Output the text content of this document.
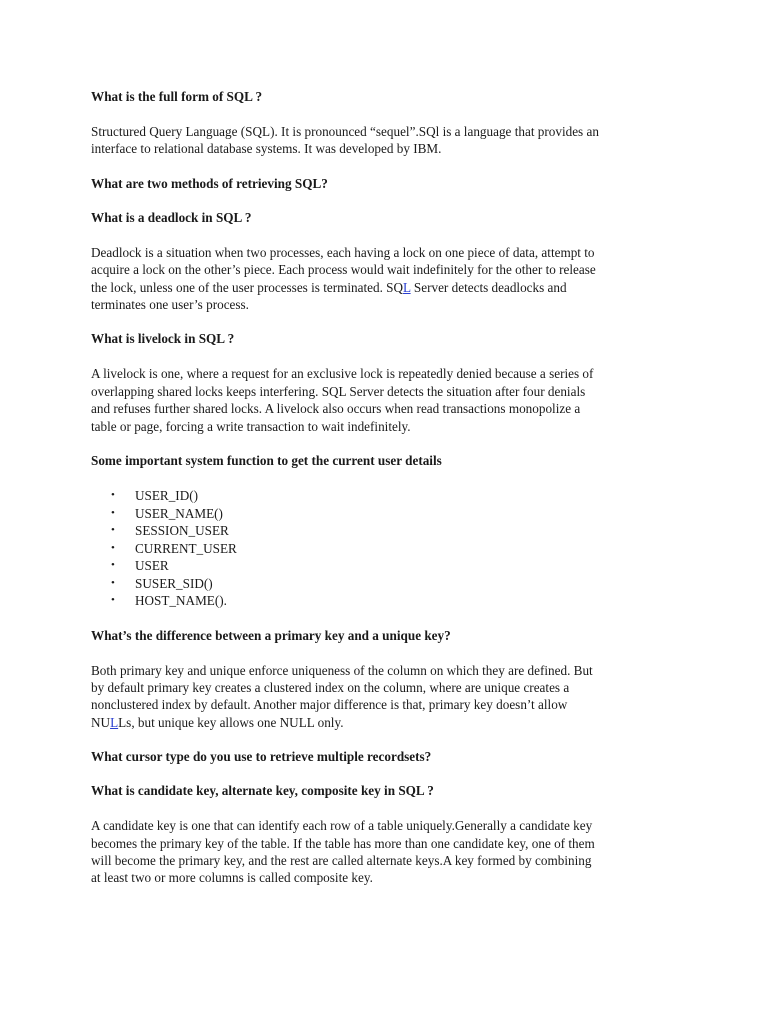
What is the full form of SQL ?

Structured Query Language (SQL). It is pronounced “sequel”.SQl is a language that provides an
interface to relational database systems. It was developed by IBM.

What are two methods of retrieving SQL?

What is a deadlock in SQL ?

Deadlock is a situation when two processes, each having a lock on one piece of data, attempt to
acquire a lock on the other’s piece. Each process would wait indefinitely for the other to release
the lock, unless one of the user processes is terminated. SQL Server detects deadlocks and
terminates one user’s process.

What is livelock in SQL ?

A livelock is one, where a request for an exclusive lock is repeatedly denied because a series of
overlapping shared locks keeps interfering. SQL Server detects the situation after four denials
and refuses further shared locks. A livelock also occurs when read transactions monopolize a
table or page, forcing a write transaction to wait indefinitely.

Some important system function to get the current user details

• USER_ID()
• USER_NAME()
• SESSION_USER
• CURRENT_USER
• USER
• SUSER_SID()
• HOST_NAME().

What’s the difference between a primary key and a unique key?

Both primary key and unique enforce uniqueness of the column on which they are defined. But
by default primary key creates a clustered index on the column, where are unique creates a
nonclustered index by default. Another major difference is that, primary key doesn’t allow
NULLs, but unique key allows one NULL only.

What cursor type do you use to retrieve multiple recordsets?

What is candidate key, alternate key, composite key in SQL ?

A candidate key is one that can identify each row of a table uniquely.Generally a candidate key
becomes the primary key of the table. If the table has more than one candidate key, one of them
will become the primary key, and the rest are called alternate keys.A key formed by combining
at least two or more columns is called composite key.
